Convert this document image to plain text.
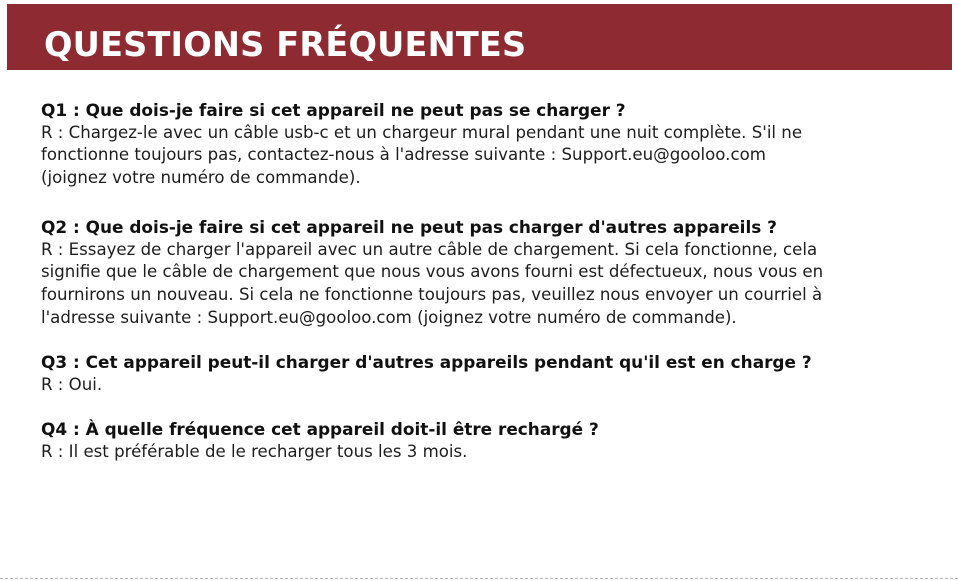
QUESTIONS FRÉQUENTES

Q1 : Que dois-je faire si cet appareil ne peut pas se charger ?

R : Chargez-le avec un câble usb-c et un chargeur mural pendant une nuit complète. S'il ne
fonctionne toujours pas, contactez-nous à l'adresse suivante : Support.eu@gooloo.com
(joignez votre numéro de commande).

Q2 : Que dois-je faire si cet appareil ne peut pas charger d'autres appareils ?

R : Essayez de charger l'appareil avec un autre câble de chargement. Si cela fonctionne, cela
signifie que le câble de chargement que nous vous avons fourni est défectueux, nous vous en
fournirons un nouveau. Si cela ne fonctionne toujours pas, veuillez nous envoyer un courriel à
l'adresse suivante : Support.eu@gooloo.com (joignez votre numéro de commande).

Q3 : Cet appareil peut-il charger d'autres appareils pendant qu'il est en charge ?

R : Oui.

Q4 : À quelle fréquence cet appareil doit-il être rechargé ?

R : Il est préférable de le recharger tous les 3 mois.
